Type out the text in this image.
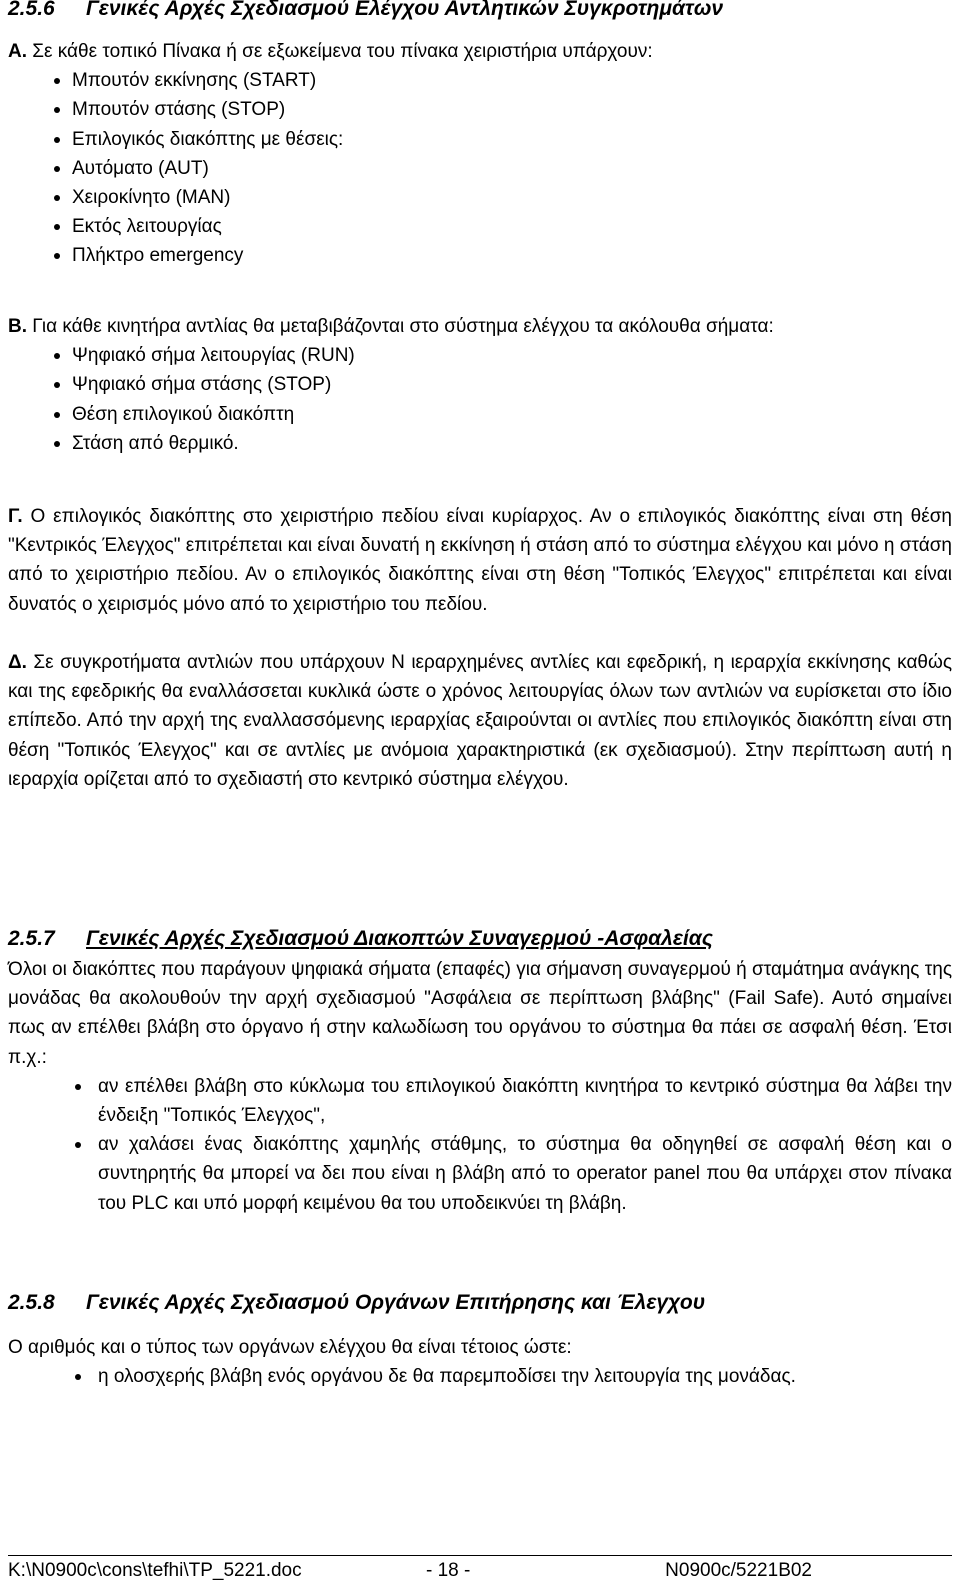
2.5.6 Γενικές Αρχές Σχεδιασμού Ελέγχου Αντλητικών Συγκροτημάτων

Α. Σε κάθε τοπικό Πίνακα ή σε εξωκείμενα του πίνακα χειριστήρια υπάρχουν:

Μπουτόν εκκίνησης (START)
Μπουτόν στάσης (STOP)
Επιλογικός διακόπτης με θέσεις:
Αυτόματο (AUT)
Χειροκίνητο (MAN)
Εκτός λειτουργίας
Πλήκτρο emergency

Β. Για κάθε κινητήρα αντλίας θα μεταβιβάζονται στο σύστημα ελέγχου τα ακόλουθα σήματα:

Ψηφιακό σήμα λειτουργίας (RUN)
Ψηφιακό σήμα στάσης (STOP)
Θέση επιλογικού διακόπτη
Στάση από θερμικό.

Γ. Ο επιλογικός διακόπτης στο χειριστήριο πεδίου είναι κυρίαρχος. Αν ο επιλογικός διακόπτης είναι στη θέση "Κεντρικός Έλεγχος" επιτρέπεται και είναι δυνατή η εκκίνηση ή στάση από το σύστημα ελέγχου και μόνο η στάση από το χειριστήριο πεδίου. Αν ο επιλογικός διακόπτης είναι στη θέση "Τοπικός Έλεγχος" επιτρέπεται και είναι δυνατός ο χειρισμός μόνο από το χειριστήριο του πεδίου.

Δ. Σε συγκροτήματα αντλιών που υπάρχουν Ν ιεραρχημένες αντλίες και εφεδρική, η ιεραρχία εκκίνησης καθώς και της εφεδρικής θα εναλλάσσεται κυκλικά ώστε ο χρόνος λειτουργίας όλων των αντλιών να ευρίσκεται στο ίδιο επίπεδο. Από την αρχή της εναλλασσόμενης ιεραρχίας εξαιρούνται οι αντλίες που επιλογικός διακόπτη είναι στη θέση "Τοπικός Έλεγχος" και σε αντλίες με ανόμοια χαρακτηριστικά (εκ σχεδιασμού). Στην περίπτωση αυτή η ιεραρχία ορίζεται από το σχεδιαστή στο κεντρικό σύστημα ελέγχου.

2.5.7 Γενικές Αρχές Σχεδιασμού Διακοπτών Συναγερμού -Ασφαλείας

Όλοι οι διακόπτες που παράγουν ψηφιακά σήματα (επαφές) για σήμανση συναγερμού ή σταμάτημα ανάγκης της μονάδας θα ακολουθούν την αρχή σχεδιασμού "Ασφάλεια σε περίπτωση βλάβης" (Fail Safe). Αυτό σημαίνει πως αν επέλθει βλάβη στο όργανο ή στην καλωδίωση του οργάνου το σύστημα θα πάει σε ασφαλή θέση. Έτσι π.χ.:

αν επέλθει βλάβη στο κύκλωμα του επιλογικού διακόπτη κινητήρα το κεντρικό σύστημα θα λάβει την ένδειξη "Τοπικός Έλεγχος",
αν χαλάσει ένας διακόπτης χαμηλής στάθμης, το σύστημα θα οδηγηθεί σε ασφαλή θέση και ο συντηρητής θα μπορεί να δει που είναι η βλάβη από το operator panel που θα υπάρχει στον πίνακα του PLC και υπό μορφή κειμένου θα του υποδεικνύει τη βλάβη.
2.5.8 Γενικές Αρχές Σχεδιασμού Οργάνων Επιτήρησης και Έλεγχου

Ο αριθμός και ο τύπος των οργάνων ελέγχου θα είναι τέτοιος ώστε:

η ολοσχερής βλάβη ενός οργάνου δε θα παρεμποδίσει την λειτουργία της μονάδας.
K:\N0900c\cons\tefhi\TP_5221.doc	- 18 -	N0900c/5221B02
